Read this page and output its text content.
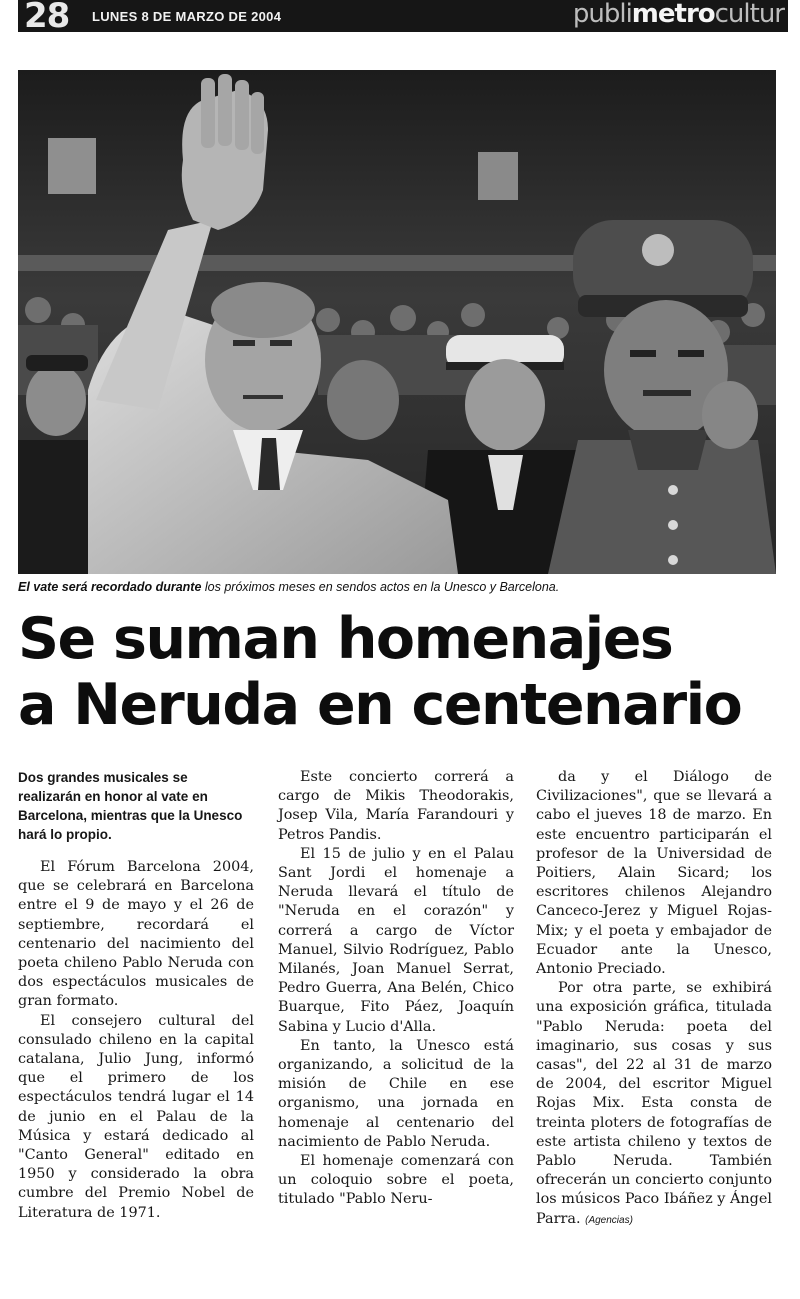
28 LUNES 8 DE MARZO DE 2004	publimetrocultur
El vate será recordado durante los próximos meses en sendos actos en la Unesco y Barcelona.
Se suman homenajes
a Neruda en centenario

Dos grandes musicales se realizarán en honor al vate en Barcelona, mientras que la Unesco hará lo propio.

El Fórum Barcelona 2004, que se celebrará en Barcelona entre el 9 de mayo y el 26 de septiembre, recordará el centenario del nacimiento del poeta chileno Pablo Neruda con dos espectáculos musicales de gran formato.

El consejero cultural del consulado chileno en la capital catalana, Julio Jung, informó que el primero de los espectáculos tendrá lugar el 14 de junio en el Palau de la Música y estará dedicado al "Canto General" editado en 1950 y considerado la obra cumbre del Premio Nobel de Literatura de 1971.

Este concierto correrá a cargo de Mikis Theodorakis, Josep Vila, María Farandouri y Petros Pandis.

El 15 de julio y en el Palau Sant Jordi el homenaje a Neruda llevará el título de "Neruda en el corazón" y correrá a cargo de Víctor Manuel, Silvio Rodríguez, Pablo Milanés, Joan Manuel Serrat, Pedro Guerra, Ana Belén, Chico Buarque, Fito Páez, Joaquín Sabina y Lucio d'Alla.

En tanto, la Unesco está organizando, a solicitud de la misión de Chile en ese organismo, una jornada en homenaje al centenario del nacimiento de Pablo Neruda.

El homenaje comenzará con un coloquio sobre el poeta, titulado "Pablo Neru-

da y el Diálogo de Civilizaciones", que se llevará a cabo el jueves 18 de marzo. En este encuentro participarán el profesor de la Universidad de Poitiers, Alain Sicard; los escritores chilenos Alejandro Canceco-Jerez y Miguel Rojas-Mix; y el poeta y embajador de Ecuador ante la Unesco, Antonio Preciado.

Por otra parte, se exhibirá una exposición gráfica, titulada "Pablo Neruda: poeta del imaginario, sus cosas y sus casas", del 22 al 31 de marzo de 2004, del escritor Miguel Rojas Mix. Esta consta de treinta ploters de fotografías de este artista chileno y textos de Pablo Neruda. También ofrecerán un concierto conjunto los músicos Paco Ibáñez y Ángel Parra. (Agencias)
